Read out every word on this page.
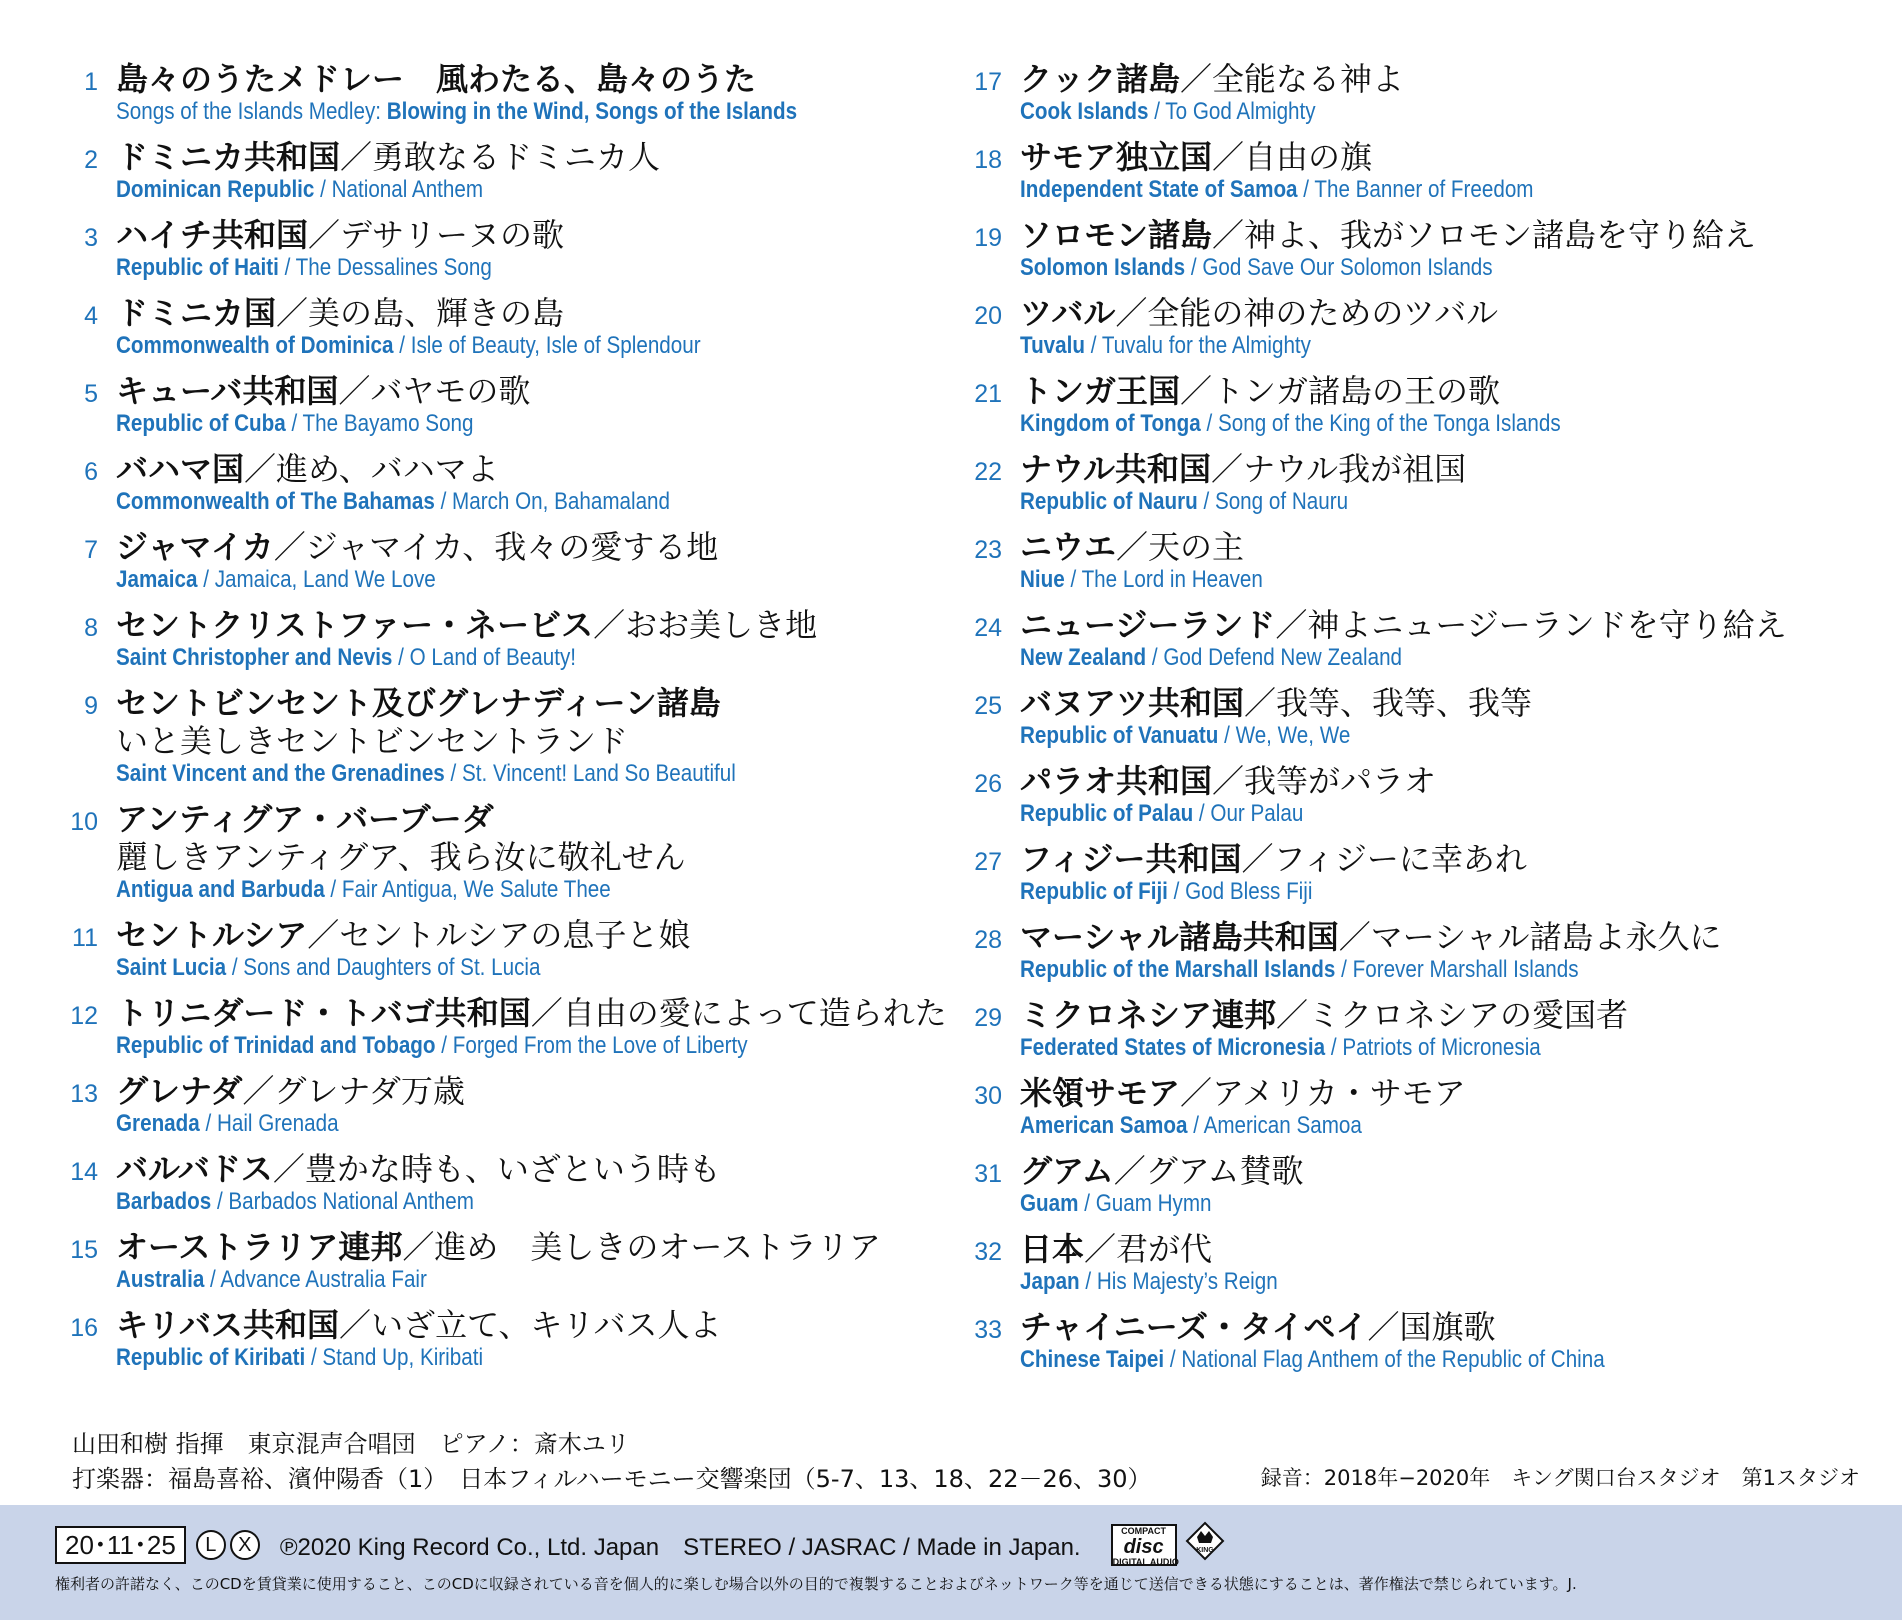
1 島々のうたメドレー　風わたる、島々のうた
Songs of the Islands Medley: Blowing in the Wind, Songs of the Islands
2 ドミニカ共和国／勇敢なるドミニカ人
Dominican Republic / National Anthem
3 ハイチ共和国／デサリーヌの歌
Republic of Haiti / The Dessalines Song
4 ドミニカ国／美の島、輝きの島
Commonwealth of Dominica / Isle of Beauty, Isle of Splendour
5 キューバ共和国／バヤモの歌
Republic of Cuba / The Bayamo Song
6 バハマ国／進め、バハマよ
Commonwealth of The Bahamas / March On, Bahamaland
7 ジャマイカ／ジャマイカ、我々の愛する地
Jamaica / Jamaica, Land We Love
8 セントクリストファー・ネービス／おお美しき地
Saint Christopher and Nevis / O Land of Beauty!
9 セントビンセント及びグレナディーン諸島
いと美しきセントビンセントランド
Saint Vincent and the Grenadines / St. Vincent! Land So Beautiful
10 アンティグア・バーブーダ
麗しきアンティグア、我ら汝に敬礼せん
Antigua and Barbuda / Fair Antigua, We Salute Thee
11 セントルシア／セントルシアの息子と娘
Saint Lucia / Sons and Daughters of St. Lucia
12 トリニダード・トバゴ共和国／自由の愛によって造られた
Republic of Trinidad and Tobago / Forged From the Love of Liberty
13 グレナダ／グレナダ万歳
Grenada / Hail Grenada
14 バルバドス／豊かな時も、いざという時も
Barbados / Barbados National Anthem
15 オーストラリア連邦／進め　美しきのオーストラリア
Australia / Advance Australia Fair
16 キリバス共和国／いざ立て、キリバス人よ
Republic of Kiribati / Stand Up, Kiribati
17 クック諸島／全能なる神よ
Cook Islands / To God Almighty
18 サモア独立国／自由の旗
Independent State of Samoa / The Banner of Freedom
19 ソロモン諸島／神よ、我がソロモン諸島を守り給え
Solomon Islands / God Save Our Solomon Islands
20 ツバル／全能の神のためのツバル
Tuvalu / Tuvalu for the Almighty
21 トンガ王国／トンガ諸島の王の歌
Kingdom of Tonga / Song of the King of the Tonga Islands
22 ナウル共和国／ナウル我が祖国
Republic of Nauru / Song of Nauru
23 ニウエ／天の主
Niue / The Lord in Heaven
24 ニュージーランド／神よニュージーランドを守り給え
New Zealand / God Defend New Zealand
25 バヌアツ共和国／我等、我等、我等
Republic of Vanuatu / We, We, We
26 パラオ共和国／我等がパラオ
Republic of Palau / Our Palau
27 フィジー共和国／フィジーに幸あれ
Republic of Fiji / God Bless Fiji
28 マーシャル諸島共和国／マーシャル諸島よ永久に
Republic of the Marshall Islands / Forever Marshall Islands
29 ミクロネシア連邦／ミクロネシアの愛国者
Federated States of Micronesia / Patriots of Micronesia
30 米領サモア／アメリカ・サモア
American Samoa / American Samoa
31 グアム／グアム賛歌
Guam / Guam Hymn
32 日本／君が代
Japan / His Majesty’s Reign
33 チャイニーズ・タイペイ／国旗歌
Chinese Taipei / National Flag Anthem of the Republic of China
山田和樹 指揮　東京混声合唱団　ピアノ：斎木ユリ
打楽器：福島喜裕、濱仲陽香（1）　日本フィルハーモニー交響楽団（5-7、13、18、22－26、30）	録音：2018年−2020年　キング関口台スタジオ　第1スタジオ
20･11･25	L	X	℗2020 King Record Co., Ltd. Japan　STEREO / JASRAC / Made in Japan.
COMPACT
disc
DIGITAL AUDIO
KING
権利者の許諾なく、このCDを賃貸業に使用すること、このCDに収録されている音を個人的に楽しむ場合以外の目的で複製することおよびネットワーク等を通じて送信できる状態にすることは、著作権法で禁じられています。J.
